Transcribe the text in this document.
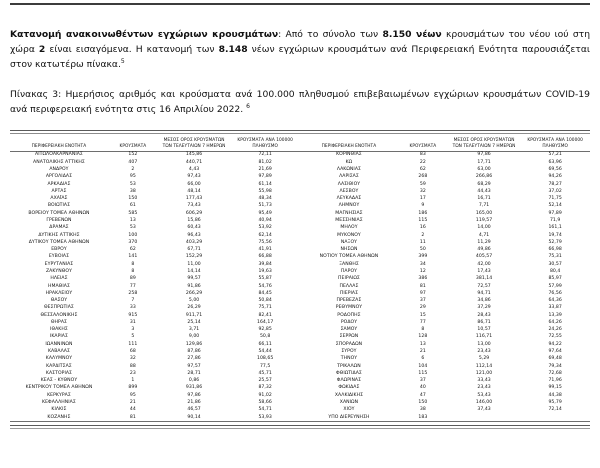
Κατανομή ανακοινωθέντων εγχώριων κρουσμάτων: Από το σύνολο των 8.150 νέων κρουσμάτων του νέου ιού στη χώρα 2 είναι εισαγόμενα. Η κατανομή των 8.148 νέων εγχώριων κρουσμάτων ανά Περιφερειακή Ενότητα παρουσιάζεται στον κατωτέρω πίνακα.$^5$

Πίνακας 3: Ημερήσιος αριθμός και κρούσματα ανά 100.000 πληθυσμού επιβεβαιωμένων εγχώριων κρουσμάτων COVID-19 ανά περιφερειακή ενότητα στις 16 Απριλίου 2022. $^6$

ΠΕΡΙΦΕΡΕΙΑΚΗ ΕΝΟΤΗΤΑ	ΚΡΟΥΣΜΑΤΑ	ΜΕΣΟΣ ΟΡΟΣ ΚΡΟΥΣΜΑΤΩΝ
ΤΩΝ ΤΕΛΕΥΤΑΙΩΝ 7 ΗΜΕΡΩΝ	ΚΡΟΥΣΜΑΤΑ ΑΝΑ 100000
ΠΛΗΘΥΣΜΟ
ΑΙΤΩΛΟΑΚΑΡΝΑΝΙΑΣ	152	145,86	72,11
ΑΝΑΤΟΛΙΚΗΣ ΑΤΤΙΚΗΣ	407	440,71	81,02
ΑΝΔΡΟΥ	2	4,43	21,69
ΑΡΓΟΛΙΔΑΣ	95	97,43	97,89
ΑΡΚΑΔΙΑΣ	53	66,00	61,14
ΑΡΤΑΣ	38	48,14	55,98
ΑΧΑΪΑΣ	150	177,43	48,34
ΒΟΙΩΤΙΑΣ	61	73,43	51,73
ΒΟΡΕΙΟΥ ΤΟΜΕΑ ΑΘΗΝΩΝ	585	606,29	95,49
ΓΡΕΒΕΝΩΝ	13	15,86	40,94
ΔΡΑΜΑΣ	53	60,43	53,92
ΔΥΤΙΚΗΣ ΑΤΤΙΚΗΣ	100	96,43	62,14
ΔΥΤΙΚΟΥ ΤΟΜΕΑ ΑΘΗΝΩΝ	370	403,29	75,56
ΕΒΡΟΥ	62	67,71	41,91
ΕΥΒΟΙΑΣ	141	152,29	66,88
ΕΥΡΥΤΑΝΙΑΣ	8	11,00	39,84
ΖΑΚΥΝΘΟΥ	8	14,14	19,63
ΗΛΕΙΑΣ	89	99,57	55,87
ΗΜΑΘΙΑΣ	77	91,86	54,76
ΗΡΑΚΛΕΙΟΥ	258	266,29	84,45
ΘΑΣΟΥ	7	5,00	50,84
ΘΕΣΠΡΩΤΙΑΣ	33	26,29	75,71
ΘΕΣΣΑΛΟΝΙΚΗΣ	915	911,71	82,41
ΘΗΡΑΣ	31	25,14	164,17
ΙΘΑΚΗΣ	3	3,71	92,85
ΙΚΑΡΙΑΣ	5	9,00	50,8
ΙΩΑΝΝΙΝΩΝ	111	129,86	66,11
ΚΑΒΑΛΑΣ	68	87,86	54,44
ΚΑΛΥΜΝΟΥ	32	27,86	108,65
ΚΑΡΔΙΤΣΑΣ	88	97,57	77,5
ΚΑΣΤΟΡΙΑΣ	23	28,71	45,71
ΚΕΑΣ - ΚΥΘΝΟΥ	1	0,86	25,57
ΚΕΝΤΡΙΚΟΥ ΤΟΜΕΑ ΑΘΗΝΩΝ	899	931,86	87,32
ΚΕΡΚΥΡΑΣ	95	97,86	91,02
ΚΕΦΑΛΛΗΝΙΑΣ	21	21,86	58,66
ΚΙΛΚΙΣ	44	46,57	54,71
ΚΟΖΑΝΗΣ	81	90,14	53,93
ΠΕΡΙΦΕΡΕΙΑΚΗ ΕΝΟΤΗΤΑ	ΚΡΟΥΣΜΑΤΑ	ΜΕΣΟΣ ΟΡΟΣ ΚΡΟΥΣΜΑΤΩΝ
ΤΩΝ ΤΕΛΕΥΤΑΙΩΝ 7 ΗΜΕΡΩΝ	ΚΡΟΥΣΜΑΤΑ ΑΝΑ 100000
ΠΛΗΘΥΣΜΟ
ΚΟΡΙΝΘΙΑΣ	83	97,86	57,21
ΚΩ	22	17,71	63,96
ΛΑΚΩΝΙΑΣ	62	63,00	69,56
ΛΑΡΙΣΑΣ	268	266,86	94,26
ΛΑΣΙΘΙΟΥ	59	68,29	78,27
ΛΕΣΒΟΥ	32	44,43	37,02
ΛΕΥΚΑΔΑΣ	17	16,71	71,75
ΛΗΜΝΟΥ	9	7,71	52,14
ΜΑΓΝΗΣΙΑΣ	186	165,00	97,89
ΜΕΣΣΗΝΙΑΣ	115	119,57	71,9
ΜΗΛΟΥ	16	14,00	161,1
ΜΥΚΟΝΟΥ	2	4,71	19,74
ΝΑΞΟΥ	11	11,29	52,79
ΝΗΣΩΝ	50	49,86	66,98
ΝΟΤΙΟΥ ΤΟΜΕΑ ΑΘΗΝΩΝ	399	405,57	75,31
ΞΑΝΘΗΣ	34	42,00	30,57
ΠΑΡΟΥ	12	17,43	80,4
ΠΕΙΡΑΙΩΣ	386	381,14	85,97
ΠΕΛΛΑΣ	81	72,57	57,99
ΠΙΕΡΙΑΣ	97	94,71	76,56
ΠΡΕΒΕΖΑΣ	37	34,86	64,36
ΡΕΘΥΜΝΟΥ	29	37,29	33,87
ΡΟΔΟΠΗΣ	15	28,43	13,39
ΡΟΔΟΥ	77	86,71	64,26
ΣΑΜΟΥ	8	10,57	24,26
ΣΕΡΡΩΝ	128	116,71	72,55
ΣΠΟΡΑΔΩΝ	13	13,00	94,22
ΣΥΡΟΥ	21	23,43	97,64
ΤΗΝΟΥ	6	5,29	69,48
ΤΡΙΚΑΛΩΝ	104	112,14	79,34
ΦΘΙΩΤΙΔΑΣ	115	121,00	72,68
ΦΛΩΡΙΝΑΣ	37	33,43	71,96
ΦΩΚΙΔΑΣ	40	23,43	99,15
ΧΑΛΚΙΔΙΚΗΣ	47	53,43	44,38
ΧΑΝΙΩΝ	150	146,00	95,79
ΧΙΟΥ	38	37,43	72,14
ΥΠΟ ΔΙΕΡΕΥΝΗΣΗ	183		
